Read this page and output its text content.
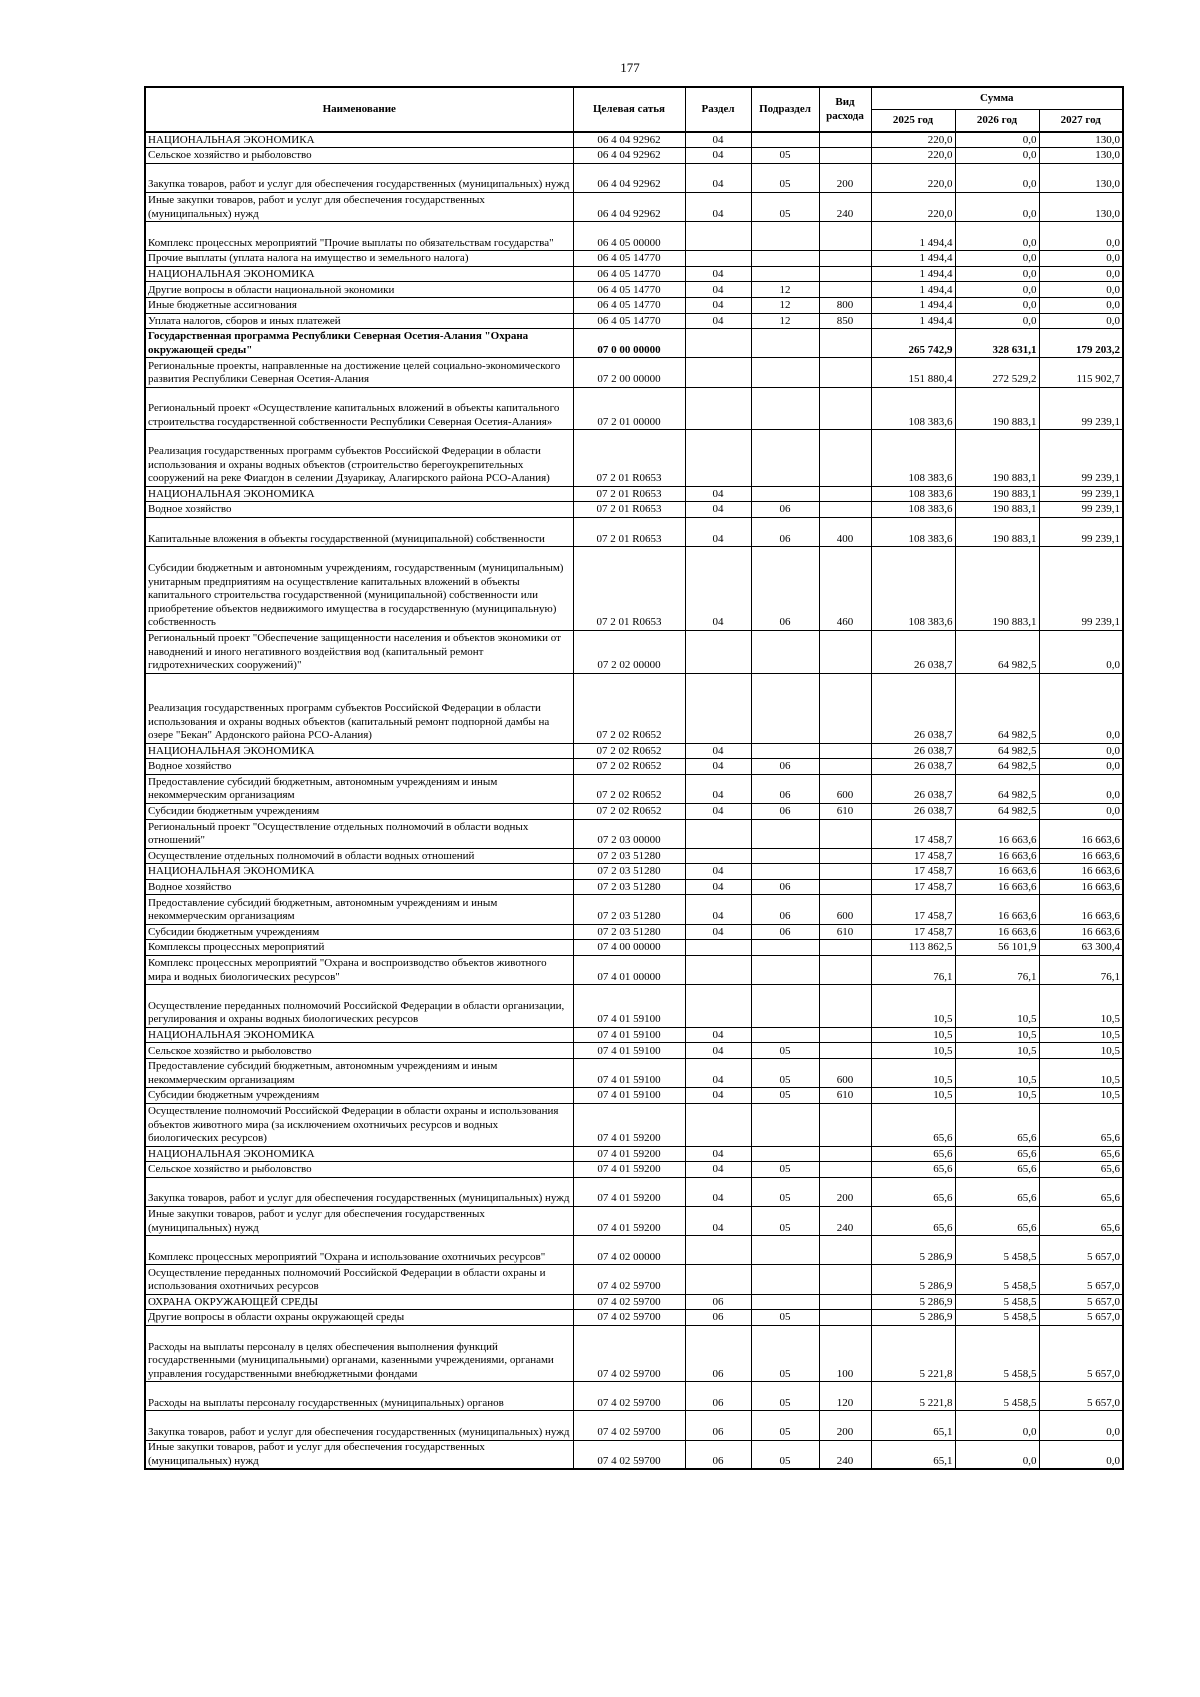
177
Наименование	Целевая сатья	Раздел	Подраздел	Вид расхода	Сумма		
					2025 год	2026 год	2027 год
НАЦИОНАЛЬНАЯ ЭКОНОМИКА	06 4 04 92962	04			220,0	0,0	130,0
Сельское хозяйство и рыболовство	06 4 04 92962	04	05		220,0	0,0	130,0
Закупка товаров, работ и услуг для обеспечения государственных (муниципальных) нужд	06 4 04 92962	04	05	200	220,0	0,0	130,0
Иные закупки товаров, работ и услуг для обеспечения государственных (муниципальных) нужд	06 4 04 92962	04	05	240	220,0	0,0	130,0
Комплекс процессных мероприятий "Прочие выплаты по обязательствам государства"	06 4 05 00000				1 494,4	0,0	0,0
Прочие выплаты (уплата налога на имущество и земельного налога)	06 4 05 14770				1 494,4	0,0	0,0
НАЦИОНАЛЬНАЯ ЭКОНОМИКА	06 4 05 14770	04			1 494,4	0,0	0,0
Другие вопросы в области национальной экономики	06 4 05 14770	04	12		1 494,4	0,0	0,0
Иные бюджетные ассигнования	06 4 05 14770	04	12	800	1 494,4	0,0	0,0
Уплата налогов, сборов и иных платежей	06 4 05 14770	04	12	850	1 494,4	0,0	0,0
Государственная программа Республики Северная Осетия-Алания "Охрана окружающей среды"	07 0 00 00000				265 742,9	328 631,1	179 203,2
Региональные проекты, направленные на достижение целей социально-экономического развития Республики Северная Осетия-Алания	07 2 00 00000				151 880,4	272 529,2	115 902,7
Региональный проект «Осуществление капитальных вложений в объекты капитального строительства государственной собственности Республики Северная Осетия-Алания»	07 2 01 00000				108 383,6	190 883,1	99 239,1
Реализация государственных программ субъектов Российской Федерации в области использования и охраны водных объектов (строительство берегоукрепительных сооружений на реке Фиагдон в селении Дзуарикау, Алагирского района РСО-Алания)	07 2 01 R0653				108 383,6	190 883,1	99 239,1
НАЦИОНАЛЬНАЯ ЭКОНОМИКА	07 2 01 R0653	04			108 383,6	190 883,1	99 239,1
Водное хозяйство	07 2 01 R0653	04	06		108 383,6	190 883,1	99 239,1
Капитальные вложения в объекты государственной (муниципальной) собственности	07 2 01 R0653	04	06	400	108 383,6	190 883,1	99 239,1
Субсидии бюджетным и автономным учреждениям, государственным (муниципальным) унитарным предприятиям на осуществление капитальных вложений в объекты капитального строительства государственной (муниципальной) собственности или приобретение объектов недвижимого имущества в государственную (муниципальную) собственность	07 2 01 R0653	04	06	460	108 383,6	190 883,1	99 239,1
Региональный проект "Обеспечение защищенности населения и объектов экономики от наводнений и иного негативного воздействия вод (капитальный ремонт гидротехнических сооружений)"	07 2 02 00000				26 038,7	64 982,5	0,0
Реализация государственных программ субъектов Российской Федерации в области использования и охраны водных объектов (капитальный ремонт подпорной дамбы на озере "Бекан" Ардонского района РСО-Алания)	07 2 02 R0652				26 038,7	64 982,5	0,0
НАЦИОНАЛЬНАЯ ЭКОНОМИКА	07 2 02 R0652	04			26 038,7	64 982,5	0,0
Водное хозяйство	07 2 02 R0652	04	06		26 038,7	64 982,5	0,0
Предоставление субсидий бюджетным, автономным учреждениям и иным некоммерческим организациям	07 2 02 R0652	04	06	600	26 038,7	64 982,5	0,0
Субсидии бюджетным учреждениям	07 2 02 R0652	04	06	610	26 038,7	64 982,5	0,0
Региональный проект "Осуществление отдельных полномочий в области водных отношений"	07 2 03 00000				17 458,7	16 663,6	16 663,6
Осуществление отдельных полномочий в области водных отношений	07 2 03 51280				17 458,7	16 663,6	16 663,6
НАЦИОНАЛЬНАЯ ЭКОНОМИКА	07 2 03 51280	04			17 458,7	16 663,6	16 663,6
Водное хозяйство	07 2 03 51280	04	06		17 458,7	16 663,6	16 663,6
Предоставление субсидий бюджетным, автономным учреждениям и иным некоммерческим организациям	07 2 03 51280	04	06	600	17 458,7	16 663,6	16 663,6
Субсидии бюджетным учреждениям	07 2 03 51280	04	06	610	17 458,7	16 663,6	16 663,6
Комплексы процессных мероприятий	07 4 00 00000				113 862,5	56 101,9	63 300,4
Комплекс процессных мероприятий "Охрана и воспроизводство объектов животного мира и водных биологических ресурсов"	07 4 01 00000				76,1	76,1	76,1
Осуществление переданных полномочий Российской Федерации в области организации, регулирования и охраны водных биологических ресурсов	07 4 01 59100				10,5	10,5	10,5
НАЦИОНАЛЬНАЯ ЭКОНОМИКА	07 4 01 59100	04			10,5	10,5	10,5
Сельское хозяйство и рыболовство	07 4 01 59100	04	05		10,5	10,5	10,5
Предоставление субсидий бюджетным, автономным учреждениям и иным некоммерческим организациям	07 4 01 59100	04	05	600	10,5	10,5	10,5
Субсидии бюджетным учреждениям	07 4 01 59100	04	05	610	10,5	10,5	10,5
Осуществление полномочий Российской Федерации в области охраны и использования объектов животного мира (за исключением охотничьих ресурсов и водных биологических ресурсов)	07 4 01 59200				65,6	65,6	65,6
НАЦИОНАЛЬНАЯ ЭКОНОМИКА	07 4 01 59200	04			65,6	65,6	65,6
Сельское хозяйство и рыболовство	07 4 01 59200	04	05		65,6	65,6	65,6
Закупка товаров, работ и услуг для обеспечения государственных (муниципальных) нужд	07 4 01 59200	04	05	200	65,6	65,6	65,6
Иные закупки товаров, работ и услуг для обеспечения государственных (муниципальных) нужд	07 4 01 59200	04	05	240	65,6	65,6	65,6
Комплекс процессных мероприятий "Охрана и использование охотничьих ресурсов"	07 4 02 00000				5 286,9	5 458,5	5 657,0
Осуществление переданных полномочий Российской Федерации в области охраны и использования охотничьих ресурсов	07 4 02 59700				5 286,9	5 458,5	5 657,0
ОХРАНА ОКРУЖАЮЩЕЙ СРЕДЫ	07 4 02 59700	06			5 286,9	5 458,5	5 657,0
Другие вопросы в области охраны окружающей среды	07 4 02 59700	06	05		5 286,9	5 458,5	5 657,0
Расходы на выплаты персоналу в целях обеспечения выполнения функций государственными (муниципальными) органами, казенными учреждениями, органами управления государственными внебюджетными фондами	07 4 02 59700	06	05	100	5 221,8	5 458,5	5 657,0
Расходы на выплаты персоналу государственных (муниципальных) органов	07 4 02 59700	06	05	120	5 221,8	5 458,5	5 657,0
Закупка товаров, работ и услуг для обеспечения государственных (муниципальных) нужд	07 4 02 59700	06	05	200	65,1	0,0	0,0
Иные закупки товаров, работ и услуг для обеспечения государственных (муниципальных) нужд	07 4 02 59700	06	05	240	65,1	0,0	0,0
